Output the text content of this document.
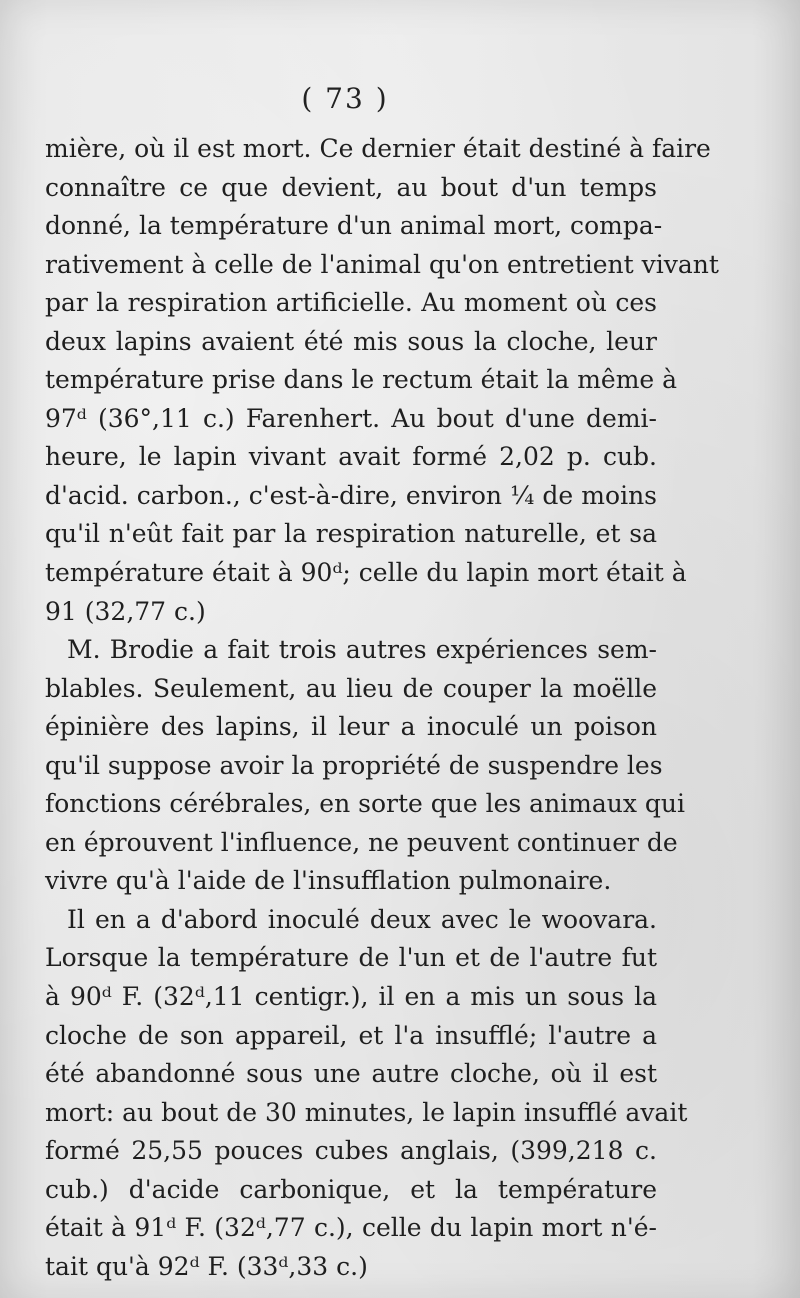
( 73 )
mière, où il est mort. Ce dernier était destiné à faire
connaître ce que devient, au bout d'un temps
donné, la température d'un animal mort, compa-
rativement à celle de l'animal qu'on entretient vivant
par la respiration artificielle. Au moment où ces
deux lapins avaient été mis sous la cloche, leur
température prise dans le rectum était la même à
97ᵈ (36°,11 c.) Farenhert. Au bout d'une demi-
heure, le lapin vivant avait formé 2,02 p. cub.
d'acid. carbon., c'est-à-dire, environ ¼ de moins
qu'il n'eût fait par la respiration naturelle, et sa
température était à 90ᵈ; celle du lapin mort était à
91 (32,77 c.)
M. Brodie a fait trois autres expériences sem-
blables. Seulement, au lieu de couper la moëlle
épinière des lapins, il leur a inoculé un poison
qu'il suppose avoir la propriété de suspendre les
fonctions cérébrales, en sorte que les animaux qui
en éprouvent l'influence, ne peuvent continuer de
vivre qu'à l'aide de l'insufflation pulmonaire.
Il en a d'abord inoculé deux avec le woovara.
Lorsque la température de l'un et de l'autre fut
à 90ᵈ F. (32ᵈ,11 centigr.), il en a mis un sous la
cloche de son appareil, et l'a insufflé; l'autre a
été abandonné sous une autre cloche, où il est
mort: au bout de 30 minutes, le lapin insufflé avait
formé 25,55 pouces cubes anglais, (399,218 c.
cub.) d'acide carbonique, et la température
était à 91ᵈ F. (32ᵈ,77 c.), celle du lapin mort n'é-
tait qu'à 92ᵈ F. (33ᵈ,33 c.)
